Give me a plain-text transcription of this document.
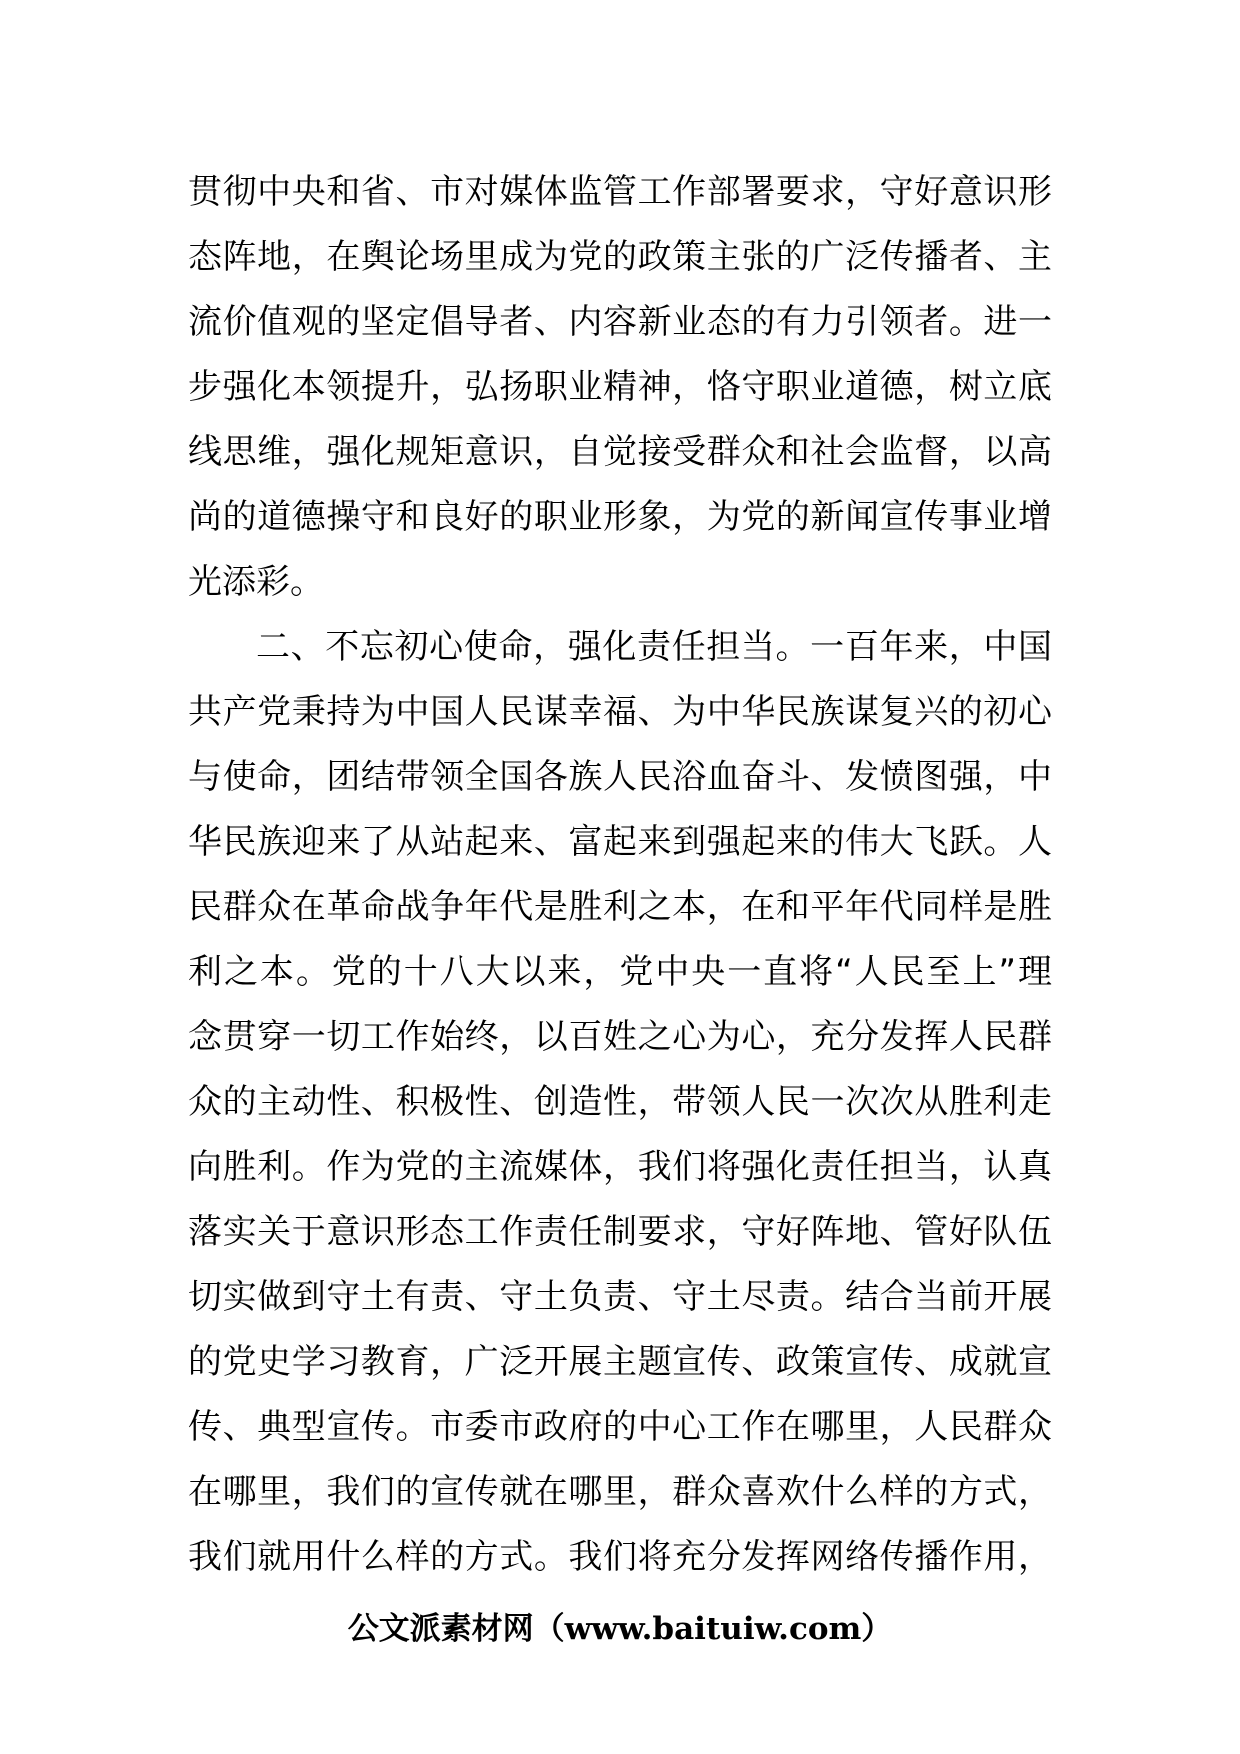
贯彻中央和省、市对媒体监管工作部署要求，守好意识形
态阵地，在舆论场里成为党的政策主张的广泛传播者、主
流价值观的坚定倡导者、内容新业态的有力引领者。进一
步强化本领提升，弘扬职业精神，恪守职业道德，树立底
线思维，强化规矩意识，自觉接受群众和社会监督，以高
尚的道德操守和良好的职业形象，为党的新闻宣传事业增
光添彩。
二、不忘初心使命，强化责任担当。一百年来，中国
共产党秉持为中国人民谋幸福、为中华民族谋复兴的初心
与使命，团结带领全国各族人民浴血奋斗、发愤图强，中
华民族迎来了从站起来、富起来到强起来的伟大飞跃。人
民群众在革命战争年代是胜利之本，在和平年代同样是胜
利之本。党的十八大以来，党中央一直将“人民至上”理
念贯穿一切工作始终，以百姓之心为心，充分发挥人民群
众的主动性、积极性、创造性，带领人民一次次从胜利走
向胜利。作为党的主流媒体，我们将强化责任担当，认真
落实关于意识形态工作责任制要求，守好阵地、管好队伍
切实做到守土有责、守土负责、守土尽责。结合当前开展
的党史学习教育，广泛开展主题宣传、政策宣传、成就宣
传、典型宣传。市委市政府的中心工作在哪里，人民群众
在哪里，我们的宣传就在哪里，群众喜欢什么样的方式，
我们就用什么样的方式。我们将充分发挥网络传播作用，
公文派素材网（www.baituiw.com）
